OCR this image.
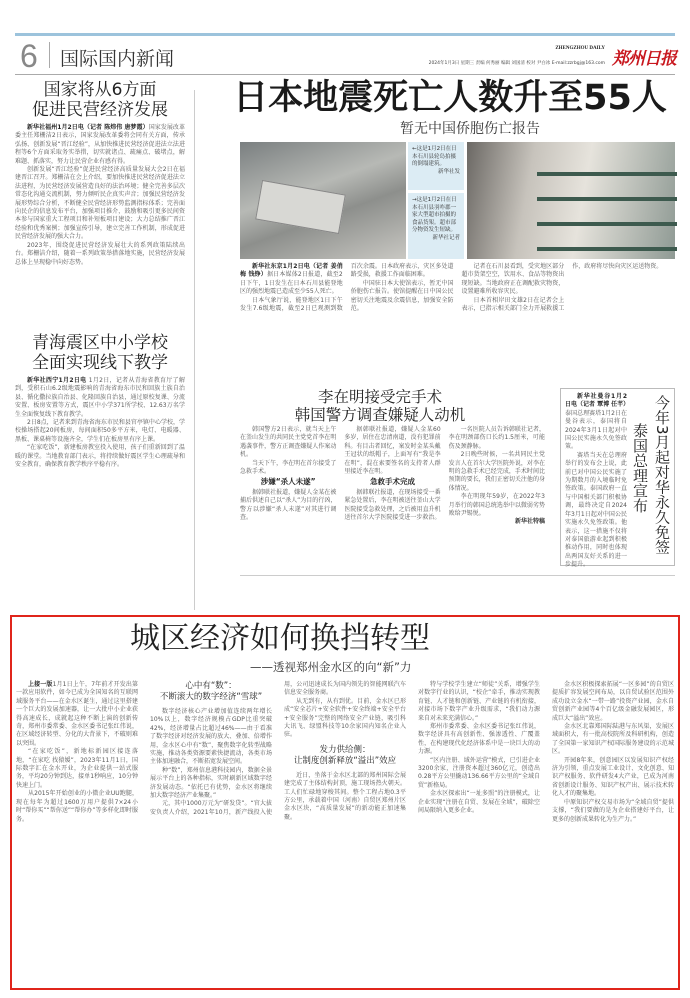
6 国际国内新闻	ZHENGZHOU DAILY
2024年1月3日 星期三 责编 何秀丽 编辑 刘国清 校对 尹白冰 E-mail:zzrbgj@163.com 郑州日报
国家将从6方面
促进民营经济发展

新华社福州1月2日电（记者 陈炜伟 唐梦霞）国家发展改革委主任郑栅洁2日表示，国家发展改革委将会同有关方面，传承弘扬、创新发展“晋江经验”，从加快推进民营经济促进法立法进程等6个方面采取务实举措，切实就诸点、疏痛点、破堵点，解难题、抓落实，努力让民营企业有感有得。

创新发展“晋江经验”促进民营经济高质量发展大会2日在福建晋江召开。郑栅洁在会上介绍，要加快推进民营经济促进法立法进程，为民营经济发展营造良好的法治环境；健全完善多层次常态化沟通交流机制，努力倾听民企真实声音；加强民营经济发展形势综合分析，不断健全民营经济形势监测指标体系；完善面向民企的信息发布平台，加强项目推介，鼓励和吸引更多民间资本参与国家重大工程项目和补短板项目建设；大力总结推广晋江经验和优秀案例；加强宣传引导，建立完善工作机制，形成促进民营经济发展的强大合力。

2023年，围绕促进民营经济发展壮大的系列政策陆续出台。郑栅洁介绍，随着一系列政策举措落地实施，民营经济发展总体上呈现稳中向好态势。

青海震区中小学校
全面实现线下教学

新华社西宁1月2日电 1月2日，记者从青海省教育厅了解到，受积石山6.2级地震影响的青海省海东市民和回族土族自治县、循化撒拉族自治县、化隆回族自治县，通过原校复课、分流安置、板房安置等方式，震区中小学371所学校、12.63万名学生全面恢复线下教育教学。

2日8点，记者来到青海省海东市民和县官亭镇中心学校，学校操场搭起20间板房，每间面积50多平方米，电灯、电暖器、黑板、课桌椅等设施齐全，学生们在板房里有序上课。

“在家吃饭”，新建板房教室投入使用，孩子们重新回到了温暖的课堂。当地教育部门表示，将持续做好震区学生心理疏导和安全教育，确保教育教学秩序平稳有序。

日本地震死亡人数升至55人
暂无中国侨胞伤亡报告
←这是1月2日在日本石川县轮岛拍摄的倒塌建筑。
新华社发
→这是1月2日在日本石川县羽咋郡一家大型超市拍摄的食品货架。超市部分物资发生短缺。
新华社记者

新华社东京1月2日电（记者 姜俏梅 钱铮）据日本媒体2日报道，截至2日下午，1日发生在日本石川县能登地区的强烈地震已造成至少55人死亡。

日本气象厅说，能登地区1日下午发生7.6级地震，截至2日已观测到数百次余震。日本政府表示，灾区多处道路受损，救援工作面临困难。

中国驻日本大使馆表示，暂无中国侨胞伤亡报告。使馆提醒在日中国公民密切关注地震及余震信息，加强安全防范。

记者在石川县看到，受灾地区部分超市货架空空，饮用水、食品等物资出现短缺。当地政府正在调配救灾物资，设置避难所收容灾民。

日本首相岸田文雄2日在记者会上表示，已指示相关部门全力开展救援工作，政府将尽快向灾区运送物资。

李在明接受完手术
韩国警方调查嫌疑人动机

韩国警方2日表示，就当天上午在釜山发生的共同民主党党首李在明遇袭事件，警方正调查嫌疑人作案动机。

当天下午，李在明在首尔接受了急救手术。

涉嫌“杀人未遂”

据韩联社报道，嫌疑人金某在被捕后供述自己以“杀人”为目的行凶，警方以涉嫌“杀人未遂”对其进行调查。

据韩联社报道，嫌疑人金某60多岁，居住在忠清南道，没有犯罪前科。有目击者回忆，案发时金某头戴王冠状的纸帽子，上面写有“我是李在明”，混在索要签名的支持者人群里接近李在明。

急救手术完成

据韩联社报道，在现场接受一番紧急处置后，李在明被送往釜山大学医院接受急救处理，之后被用直升机送往首尔大学医院接受进一步救治。

一名医院人员告诉韩联社记者，李在明颈部伤口长约1.5厘米，可能伤及颈静脉。

2日晚些时候，一名共同民主党发言人在首尔大学医院外说，对李在明的急救手术已经完成，手术时间比预期的要长，我们正密切关注他的身体情况。

李在明现年59岁，在2022年3月举行的韩国总统选举中以微弱劣势败给尹锡悦。

新华社特稿

新华社曼谷1月2日电（记者 覃博 任芊）泰国总理赛塔1月2日在曼谷表示，泰国将自2024年3月1日起对中国公民实施永久免签政策。

赛塔当天在总理府举行的发布会上说，此前已对中国公民实施了为期数月的入境临时免签政策。泰国政府一直与中国相关部门积极协调，最终决定自2024年3月1日起对中国公民实施永久免签政策。他表示，这一措施不仅将对泰国旅游业起到积极推动作用，同时也体现出两国友好关系的进一步提升。

今年3月起对华永久免签
泰国总理宣布
城区经济如何换挡转型
——透视郑州金水区的向“新”力

上接一版1月1日上午，7年前才开发出第一款应用软件，如今已成为全国知名的互联网域服务平台——在金水区诞生，通过这里搭建一个巨大的发展加速器，让一大批中小企业获得高速成长，成就起这种不断上演的创新传奇，郑州市委常委、金水区委书记张红伟说，在区域经济转型、分化的大背景下，不破则难以突围。

“在家吃饭”，新地标新园区接连落地，“在家吃 找猿媛”，2023年11月1日，国际数字汇在金水开业，为企业提供一站式服务，平均20分钟到达，接单1秒响应，10分钟快速上门。

从2015年开始创业的小微企业UU跑腿，现在每年为超过1600万用户提供7×24小时“帮你买”“帮你送”“帮你办”等多样化即时服务。

心中有“数”：
不断滚大的数字经济“雪球”

数字经济核心产业增加值连续两年增长10%以上，数字经济规模占GDP比重突破42%，经济增量占比超过46%——由于看准了数字经济对经济发展的放大、叠加、倍增作用，金水区心中有“数”，聚焦数字化转型战略实施，推动各类资源要素快捷流动，各类市场主体加速融合，不断拓宽发展空间。

种“数”，郑州信息港科技园内，数据全景展示平台上的各种指标，实时刷新区域数字经济发展动态。“依托已有优势，金水区将继续加大数字经济产业集聚。”

元，其中1000万元为“研发贷”。“官大拔安负责人介绍，2021年10月，新产线投入使用，公司迅速成长为国内领先的智能网联汽车信息安全服务商。

从无到有，从有到优。目前，金水区已形成“安全芯片+安全软件+安全终端+安全平台+安全服务”完整的网络安全产业链，吸引科大讯飞、绿盟科技等10余家国内知名企业入驻。

发力供给侧：
让制度创新释放“溢出”效应

近日，坐落于金水区北部的郑州国际会展建完成了主体结构封顶，施工现场热火朝天。工人们忙碌地穿梭其间。整个工程占地0.3平方公里，承载着中国（河南）自贸区郑州片区金水区块，“高质量发展”的新动能正加速集聚。

特与学校学生建立“师徒”关系，增强学生对数字行业的认识，“校企”牵手，推动实现教育链、人才链和创新链、产业链的有机衔接，对接市场下数字产业升级需求，“我们动力源来自对未来充满信心。”

郑州市委常委、金水区委书记张红伟说，数字经济具有高创新性、强渗透性、广覆盖性，在构建现代化经济体系中是一块巨大的动力源。

“区内注册、域外运营”模式，已引进企业3200余家，注册资本超过360亿元，创造出0.28平方公里撬动136.66平方公里的“全域自贸”新格局。

金水区探索出“一址多照”的注册模式，让企业实现“注册在自贸、发展在全域”，破除空间局限纳入更多企业。

金水区积极探索拓展“一区多园”的自贸区提质扩容发展空间布局，以自贸试验区范围外成功设立金水“一带一路”投资产业园，金水自贸创新产业园等4个百亿级金融发展园区，形成巨大“溢出”效应。

金水区北靠郑国际陆港与东风渠，发展区域面积大，有一批高校院所及科研机构，创造了全国第一家知识产权国际服务建设的示范城区。

开园8年来，创意园区以发展知识产权经济为引领，重点发展工业设计、文化创意、知识产权服务、软件研发4大产业，已成为河南省创新设计服务、知识产权产出、展示技术转化人才的聚集地。

中原知识产权交易市场为“全域自贸”提供支撑，“我们要做的是为企业搭建好平台，让更多的创新成果转化为生产力。”
